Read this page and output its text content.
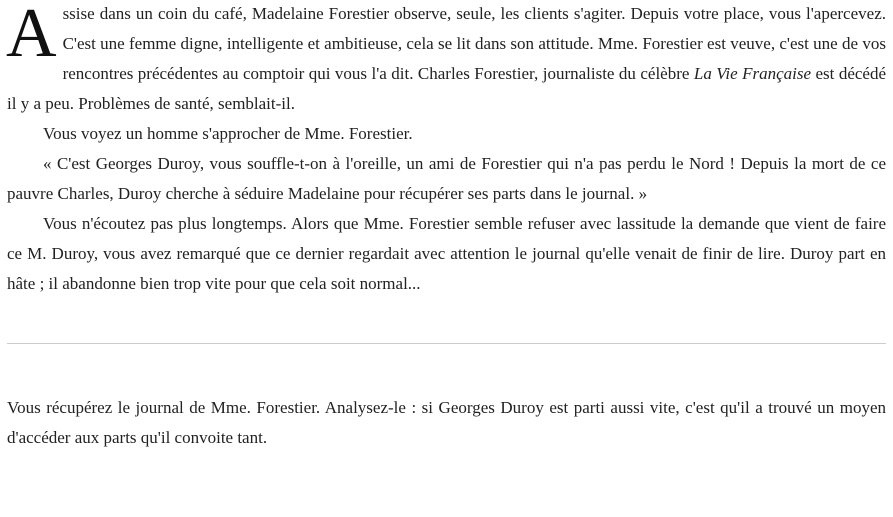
Assise dans un coin du café, Madelaine Forestier observe, seule, les clients s'agiter. Depuis votre place, vous l'apercevez. C'est une femme digne, intelligente et ambitieuse, cela se lit dans son attitude. Mme. Forestier est veuve, c'est une de vos rencontres précédentes au comptoir qui vous l'a dit. Charles Forestier, journaliste du célèbre La Vie Française est décédé il y a peu. Problèmes de santé, semblait-il.

Vous voyez un homme s'approcher de Mme. Forestier.

« C'est Georges Duroy, vous souffle-t-on à l'oreille, un ami de Forestier qui n'a pas perdu le Nord ! Depuis la mort de ce pauvre Charles, Duroy cherche à séduire Madelaine pour récupérer ses parts dans le journal. »

Vous n'écoutez pas plus longtemps. Alors que Mme. Forestier semble refuser avec lassitude la demande que vient de faire ce M. Duroy, vous avez remarqué que ce dernier regardait avec attention le journal qu'elle venait de finir de lire. Duroy part en hâte ; il abandonne bien trop vite pour que cela soit normal...

Vous récupérez le journal de Mme. Forestier. Analysez-le : si Georges Duroy est parti aussi vite, c'est qu'il a trouvé un moyen d'accéder aux parts qu'il convoite tant.
